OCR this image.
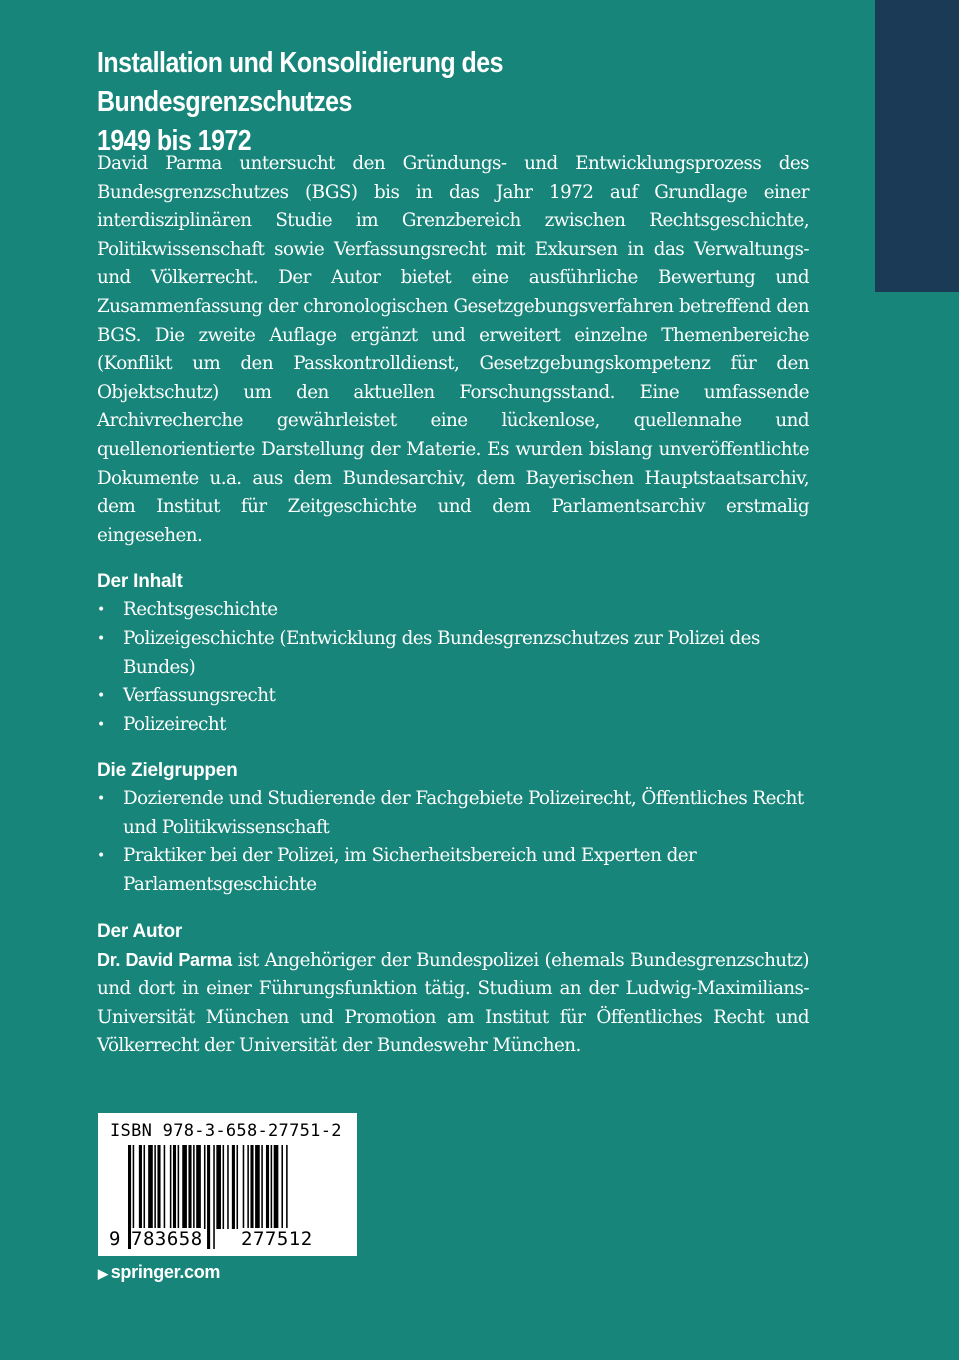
Installation und Konsolidierung des Bundesgrenzschutzes
1949 bis 1972

David Parma untersucht den Gründungs- und Entwicklungsprozess des Bundesgrenzschutzes (BGS) bis in das Jahr 1972 auf Grundlage einer interdisziplinären Studie im Grenzbereich zwischen Rechtsgeschichte, Politikwissenschaft sowie Verfassungsrecht mit Exkursen in das Verwaltungs- und Völkerrecht. Der Autor bietet eine ausführliche Bewertung und Zusammenfassung der chronologischen Gesetzgebungsverfahren betreffend den BGS. Die zweite Auflage ergänzt und erweitert einzelne Themenbereiche (Konflikt um den Passkontrolldienst, Gesetzgebungskompetenz für den Objektschutz) um den aktuellen Forschungsstand. Eine umfassende Archivrecherche gewährleistet eine lückenlose, quellennahe und quellenorientierte Darstellung der Materie. Es wurden bislang unveröffentlichte Dokumente u.a. aus dem Bundesarchiv, dem Bayerischen Hauptstaatsarchiv, dem Institut für Zeitgeschichte und dem Parlamentsarchiv erstmalig eingesehen.

Der Inhalt
• Rechtsgeschichte
• Polizeigeschichte (Entwicklung des Bundesgrenzschutzes zur Polizei des Bundes)
• Verfassungsrecht
• Polizeirecht
Die Zielgruppen
• Dozierende und Studierende der Fachgebiete Polizeirecht, Öffentliches Recht und Politikwissenschaft
• Praktiker bei der Polizei, im Sicherheitsbereich und Experten der Parlamentsgeschichte
Der Autor

Dr. David Parma ist Angehöriger der Bundespolizei (ehemals Bundesgrenzschutz) und dort in einer Führungsfunktion tätig. Studium an der Ludwig-Maximilians-Universität München und Promotion am Institut für Öffentliches Recht und Völkerrecht der Universität der Bundeswehr München.

ISBN 978-3-658-27751-2
9 783658 277512
▶ springer.com
